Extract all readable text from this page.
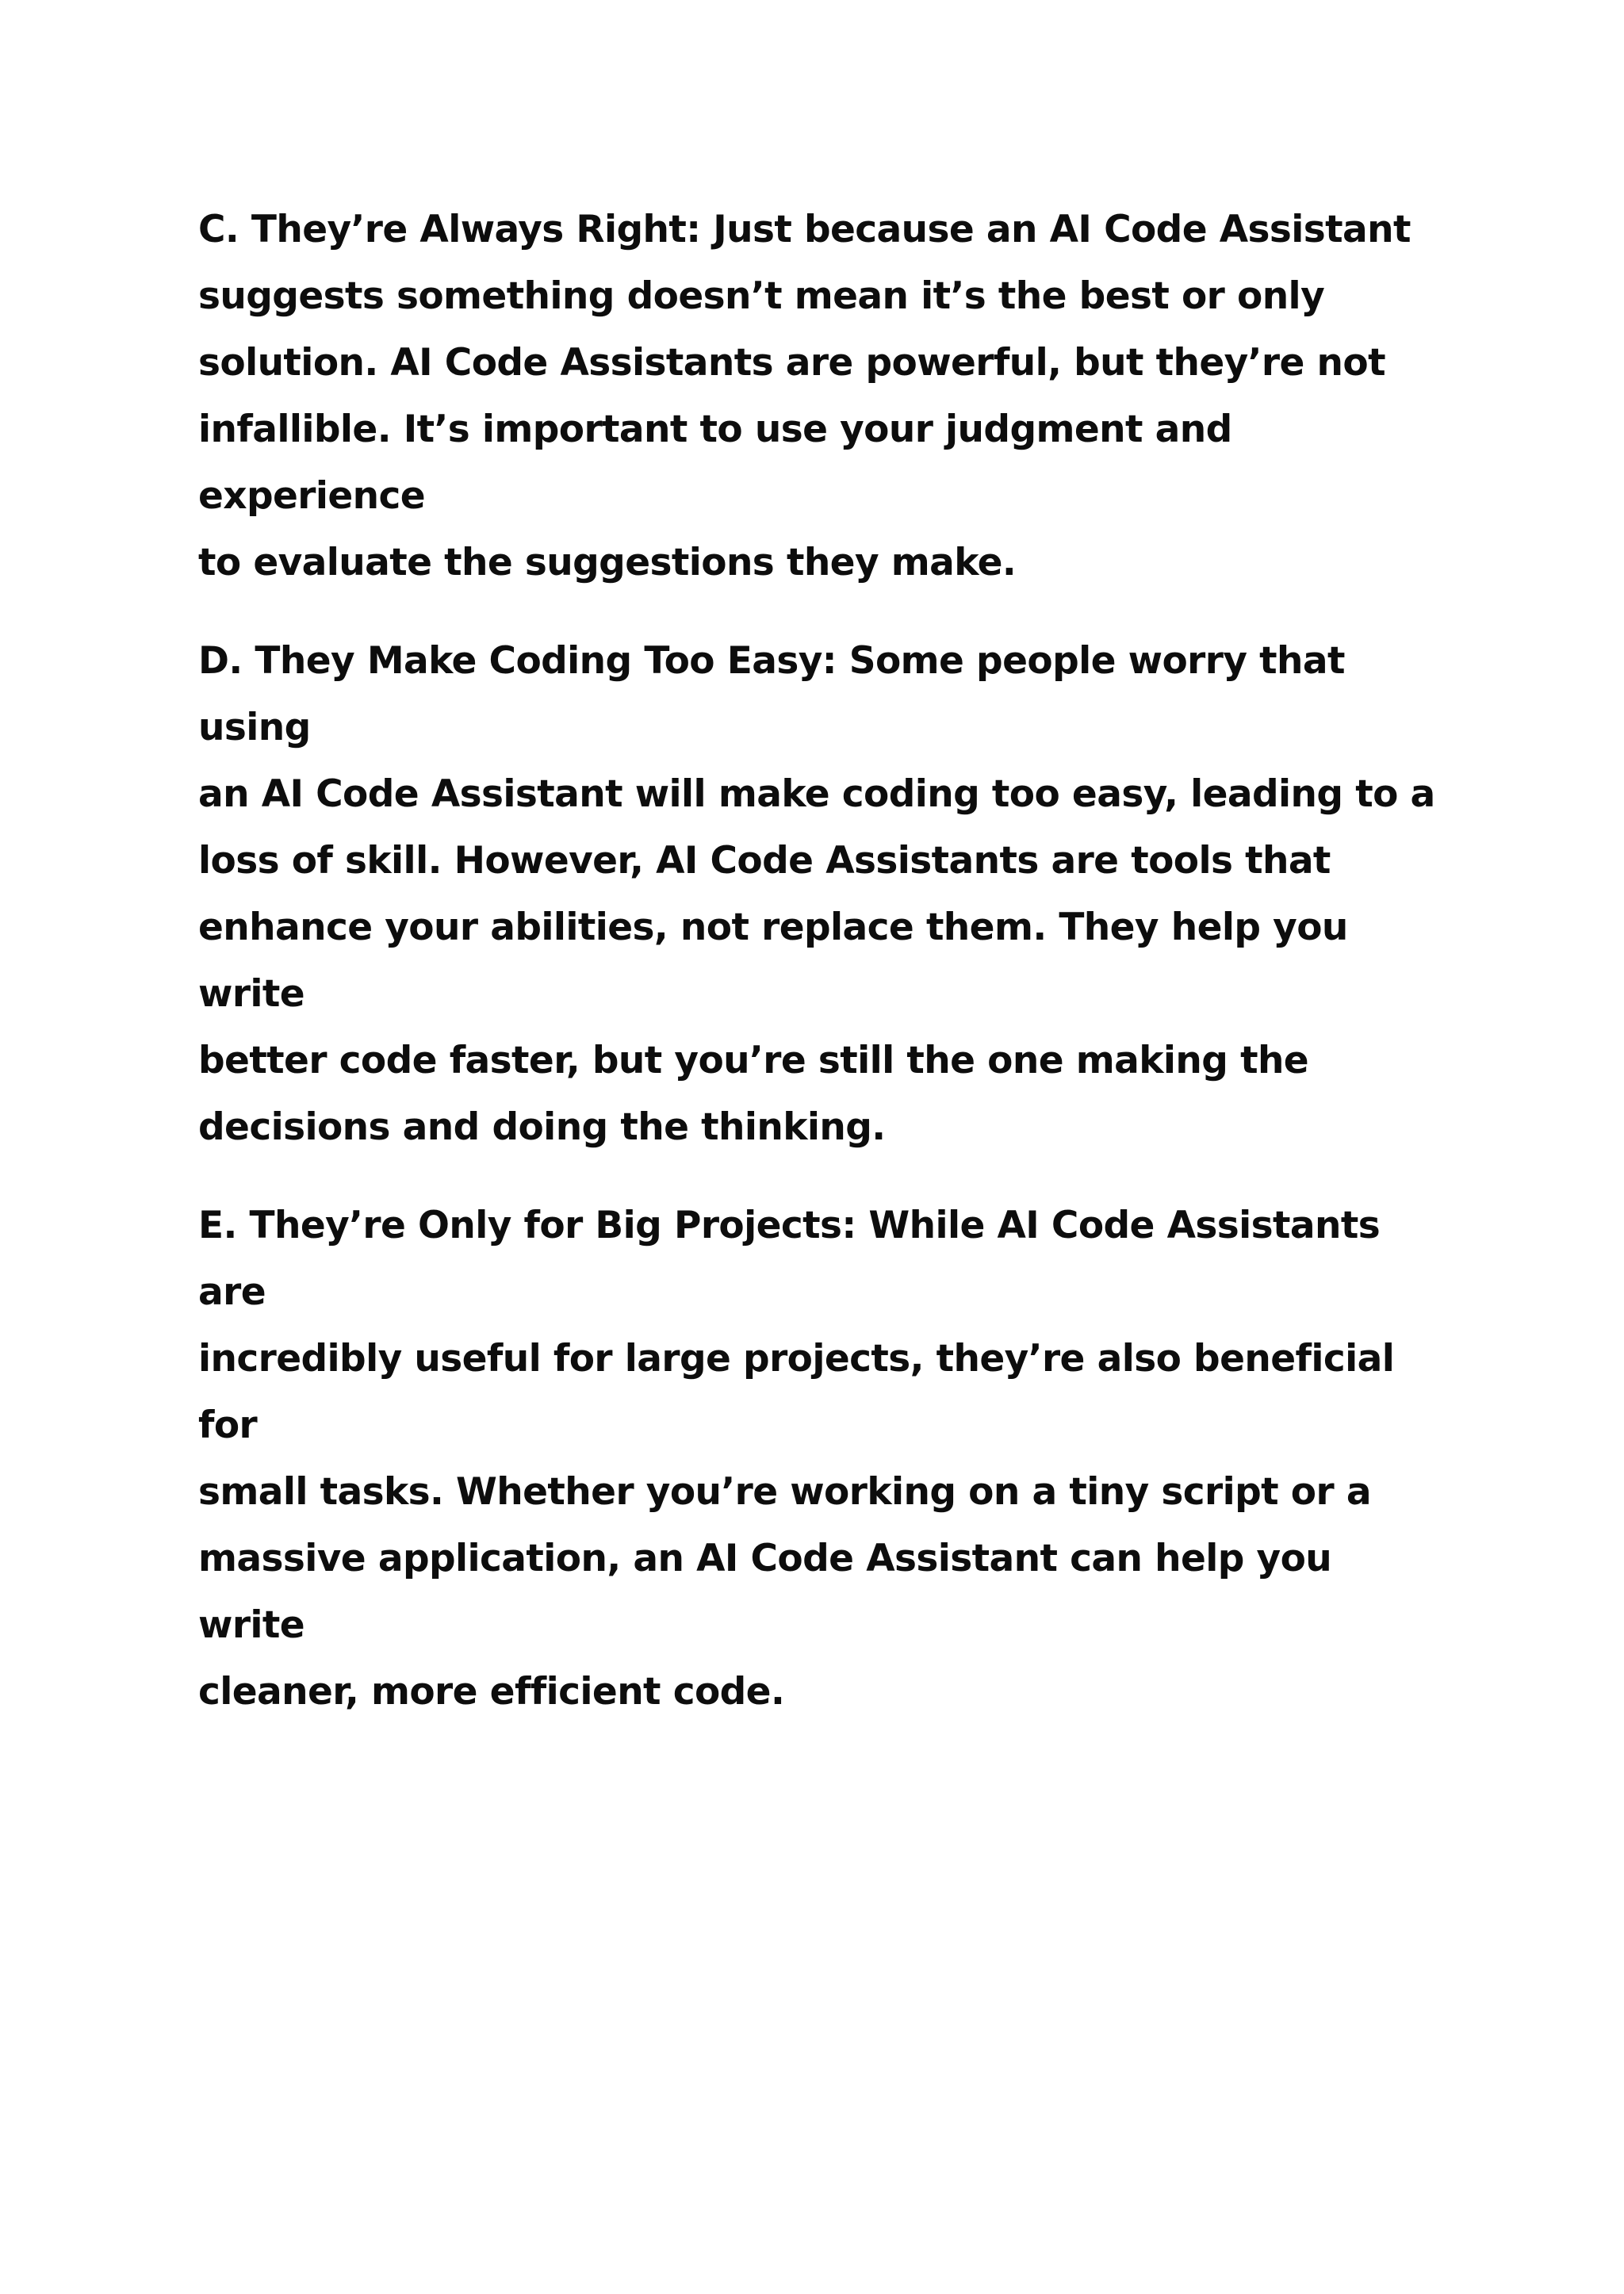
C. They’re Always Right: Just because an AI Code Assistant
suggests something doesn’t mean it’s the best or only
solution. AI Code Assistants are powerful, but they’re not
infallible. It’s important to use your judgment and experience
to evaluate the suggestions they make.

D. They Make Coding Too Easy: Some people worry that using
an AI Code Assistant will make coding too easy, leading to a
loss of skill. However, AI Code Assistants are tools that
enhance your abilities, not replace them. They help you write
better code faster, but you’re still the one making the
decisions and doing the thinking.

E. They’re Only for Big Projects: While AI Code Assistants are
incredibly useful for large projects, they’re also beneficial for
small tasks. Whether you’re working on a tiny script or a
massive application, an AI Code Assistant can help you write
cleaner, more efficient code.
